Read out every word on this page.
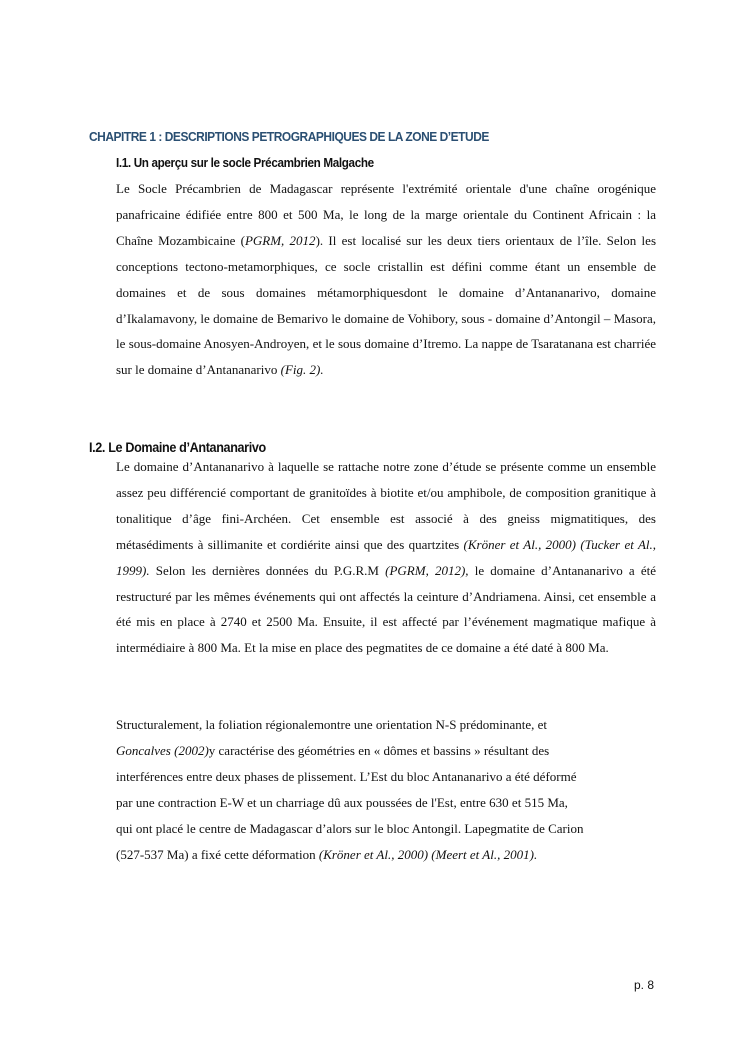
CHAPITRE 1 : DESCRIPTIONS PETROGRAPHIQUES DE LA ZONE D’ETUDE
I.1. Un aperçu sur le socle Précambrien Malgache

Le Socle Précambrien de Madagascar représente l'extrémité orientale d'une chaîne orogénique panafricaine édifiée entre 800 et 500 Ma, le long de la marge orientale du Continent Africain : la Chaîne Mozambicaine (PGRM, 2012). Il est localisé sur les deux tiers orientaux de l’île. Selon les conceptions tectono-metamorphiques, ce socle cristallin est défini comme étant un ensemble de domaines et de sous domaines métamorphiquesdont le domaine d’Antananarivo, domaine d’Ikalamavony, le domaine de Bemarivo le domaine de Vohibory, sous - domaine d’Antongil – Masora, le sous-domaine Anosyen-Androyen, et le sous domaine d’Itremo. La nappe de Tsaratanana est charriée sur le domaine d’Antananarivo (Fig. 2).

I.2. Le Domaine d’Antananarivo

Le domaine d’Antananarivo à laquelle se rattache notre zone d’étude se présente comme un ensemble assez peu différencié comportant de granitoïdes à biotite et/ou amphibole, de composition granitique à tonalitique d’âge fini-Archéen. Cet ensemble est associé à des gneiss migmatitiques, des métasédiments à sillimanite et cordiérite ainsi que des quartzites (Kröner et Al., 2000) (Tucker et Al., 1999). Selon les dernières données du P.G.R.M (PGRM, 2012), le domaine d’Antananarivo a été restructuré par les mêmes événements qui ont affectés la ceinture d’Andriamena. Ainsi, cet ensemble a été mis en place à 2740 et 2500 Ma. Ensuite, il est affecté par l’événement magmatique mafique à intermédiaire à 800 Ma. Et la mise en place des pegmatites de ce domaine a été daté à 800 Ma.

Structuralement, la foliation régionalemontre une orientation N-S prédominante, et
Goncalves (2002)y caractérise des géométries en « dômes et bassins » résultant des
interférences entre deux phases de plissement. L’Est du bloc Antananarivo a été déformé
par une contraction E-W et un charriage dû aux poussées de l'Est, entre 630 et 515 Ma,
qui ont placé le centre de Madagascar d’alors sur le bloc Antongil. Lapegmatite de Carion
(527-537 Ma) a fixé cette déformation (Kröner et Al., 2000) (Meert et Al., 2001).

p. 8
